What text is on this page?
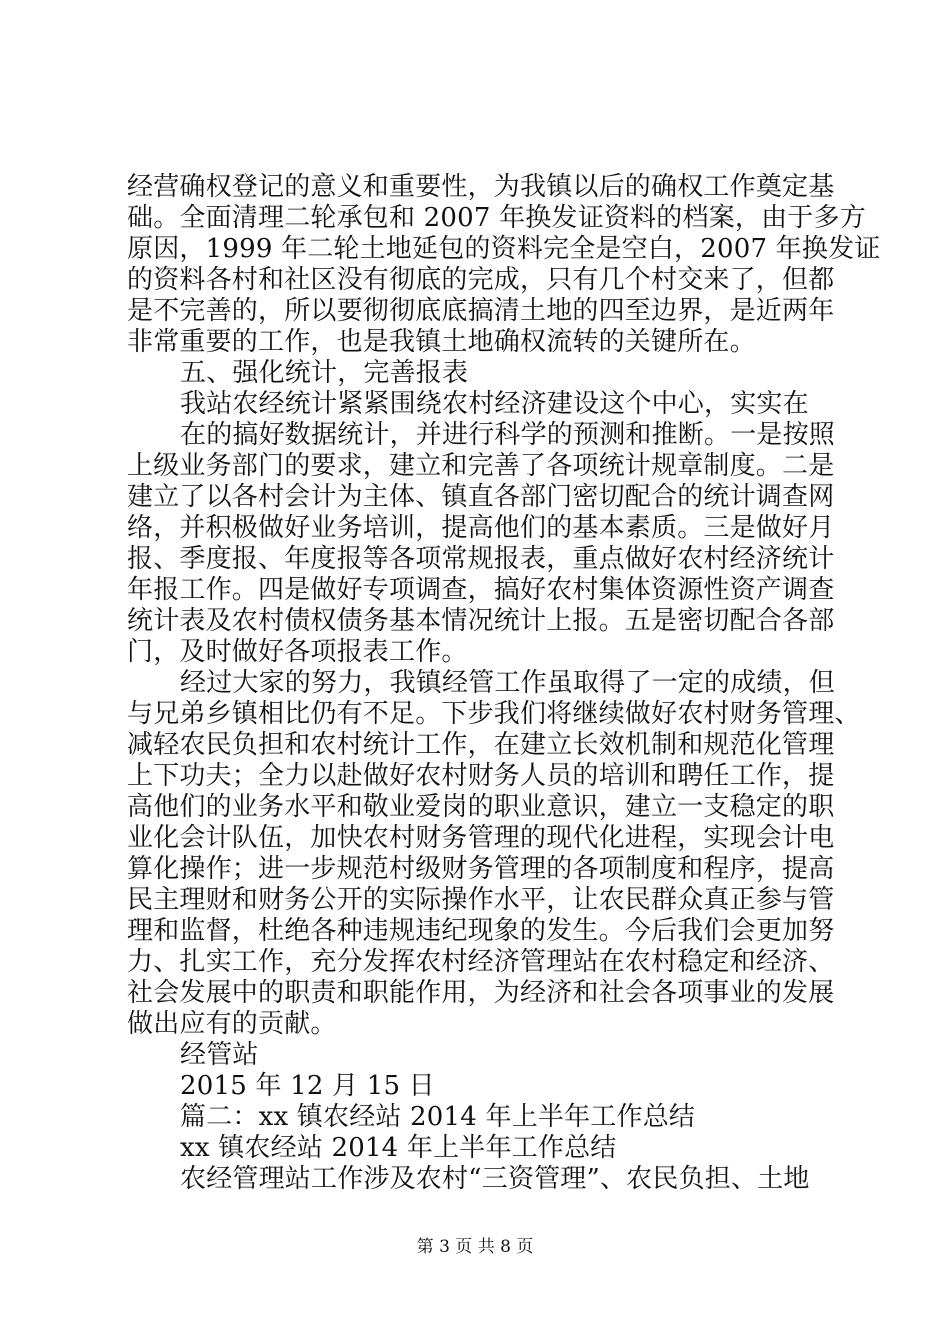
经营确权登记的意义和重要性，为我镇以后的确权工作奠定基
础。全面清理二轮承包和 2007 年换发证资料的档案，由于多方
原因，1999 年二轮土地延包的资料完全是空白，2007 年换发证
的资料各村和社区没有彻底的完成，只有几个村交来了，但都
是不完善的，所以要彻彻底底搞清土地的四至边界，是近两年
非常重要的工作，也是我镇土地确权流转的关键所在。
五、强化统计，完善报表
我站农经统计紧紧围绕农村经济建设这个中心，实实在
在的搞好数据统计，并进行科学的预测和推断。一是按照
上级业务部门的要求，建立和完善了各项统计规章制度。二是
建立了以各村会计为主体、镇直各部门密切配合的统计调查网
络，并积极做好业务培训，提高他们的基本素质。三是做好月
报、季度报、年度报等各项常规报表，重点做好农村经济统计
年报工作。四是做好专项调查，搞好农村集体资源性资产调查
统计表及农村债权债务基本情况统计上报。五是密切配合各部
门，及时做好各项报表工作。
经过大家的努力，我镇经管工作虽取得了一定的成绩，但
与兄弟乡镇相比仍有不足。下步我们将继续做好农村财务管理、
减轻农民负担和农村统计工作，在建立长效机制和规范化管理
上下功夫；全力以赴做好农村财务人员的培训和聘任工作，提
高他们的业务水平和敬业爱岗的职业意识，建立一支稳定的职
业化会计队伍，加快农村财务管理的现代化进程，实现会计电
算化操作；进一步规范村级财务管理的各项制度和程序，提高
民主理财和财务公开的实际操作水平，让农民群众真正参与管
理和监督，杜绝各种违规违纪现象的发生。今后我们会更加努
力、扎实工作，充分发挥农村经济管理站在农村稳定和经济、
社会发展中的职责和职能作用，为经济和社会各项事业的发展
做出应有的贡献。
经管站
2015 年 12 月 15 日
篇二：xx 镇农经站 2014 年上半年工作总结
xx 镇农经站 2014 年上半年工作总结
农经管理站工作涉及农村“三资管理”、农民负担、土地
第 3 页 共 8 页
